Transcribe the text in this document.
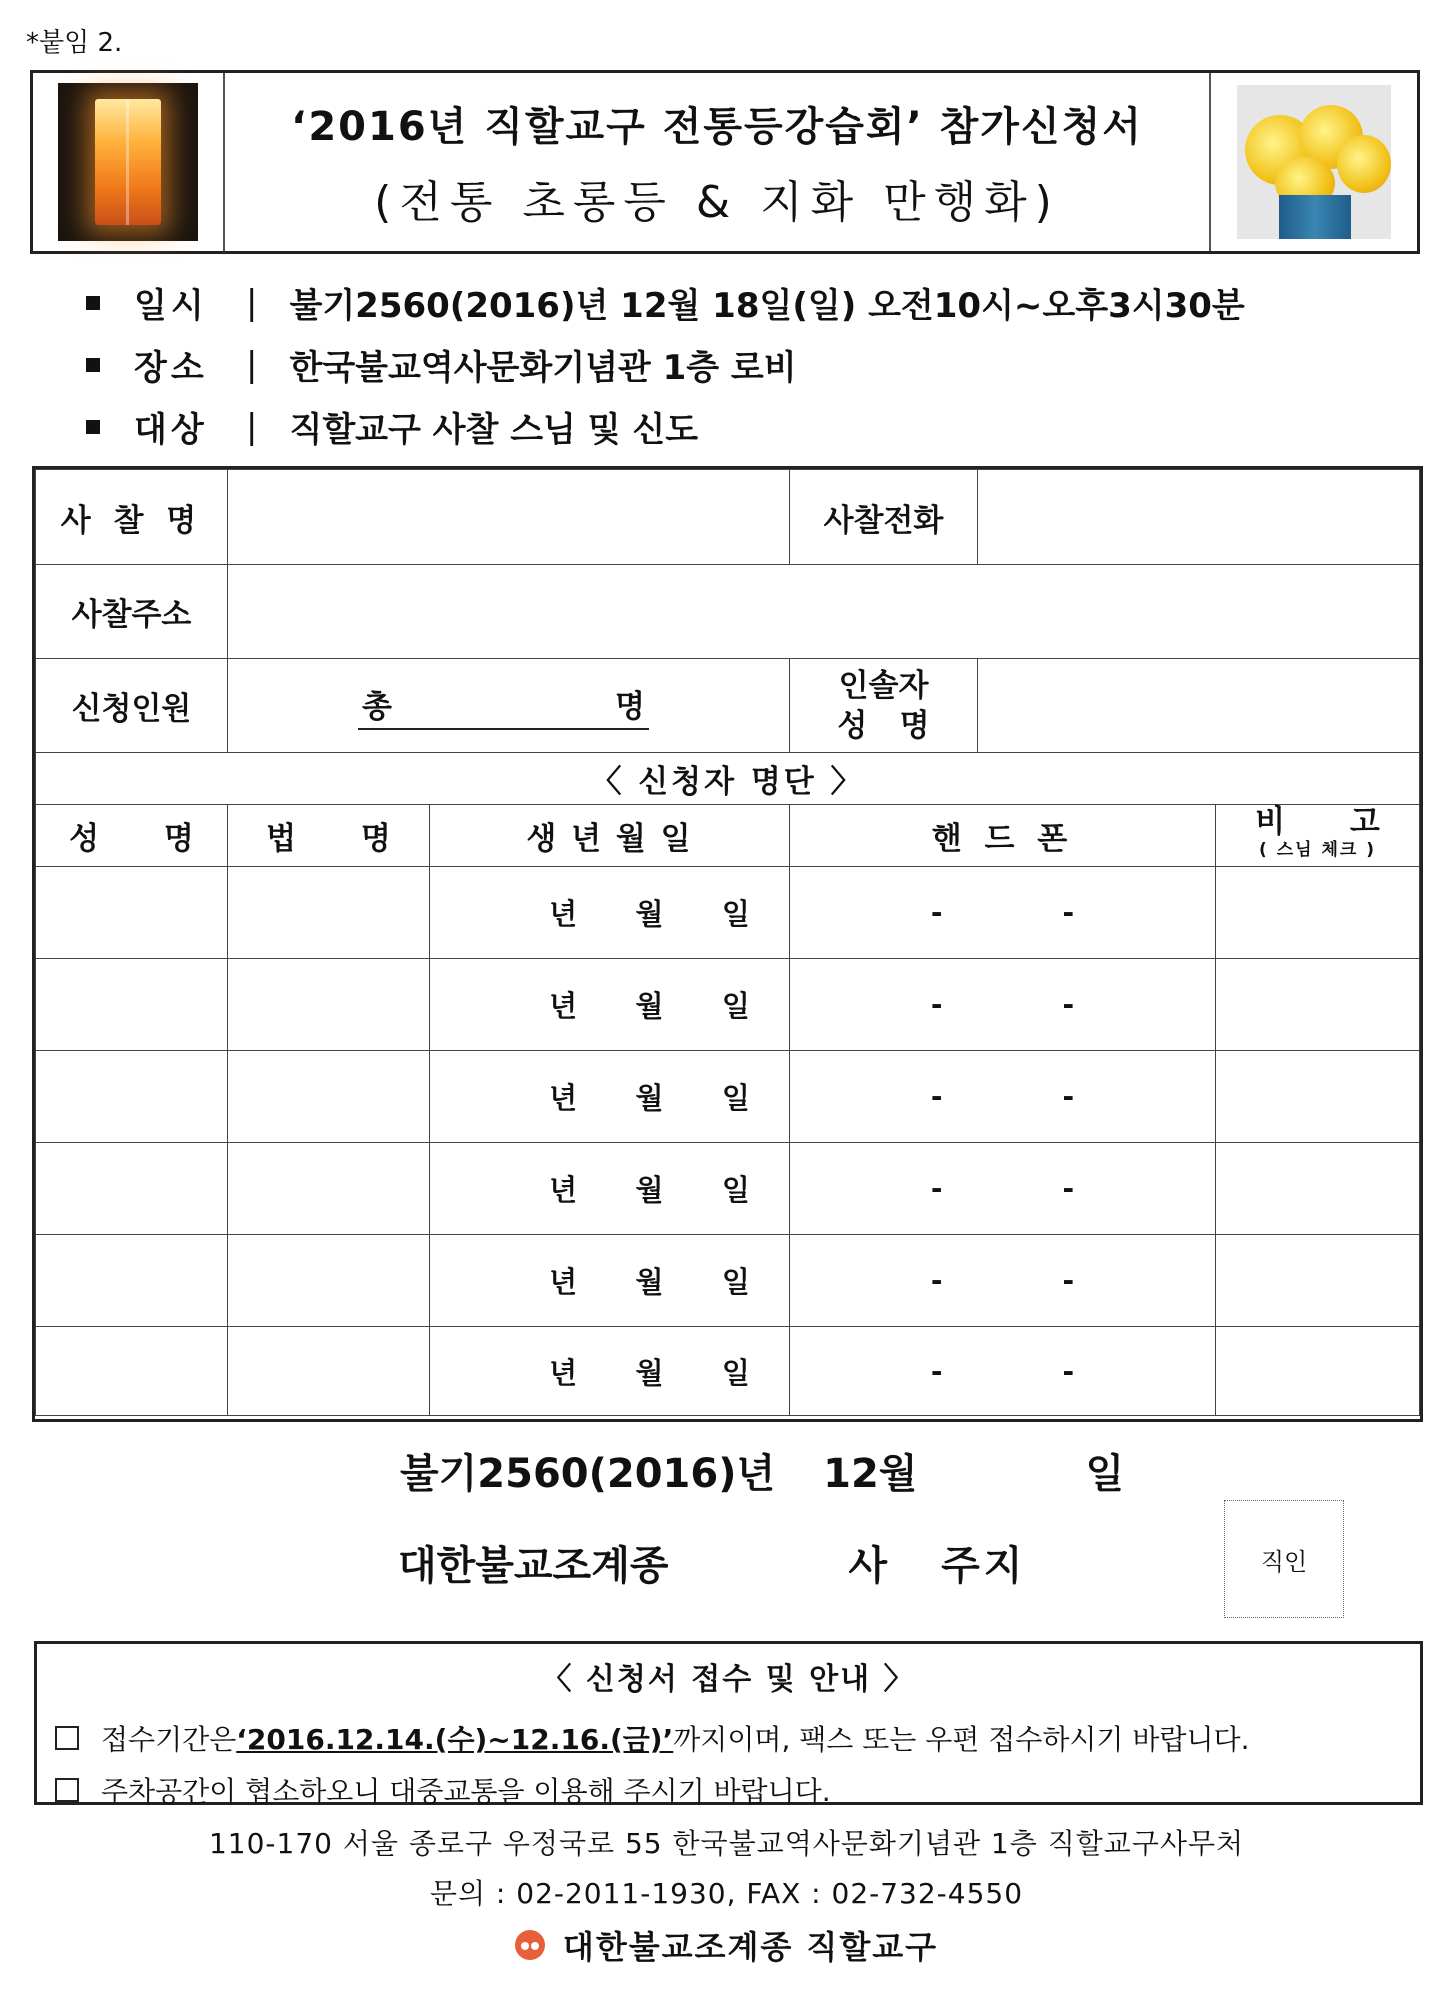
*붙임 2.
‘2016년 직할교구 전통등강습회’ 참가신청서
(전통 초롱등 & 지화 만행화)
일시	| 불기2560(2016)년 12월 18일(일) 오전10시~오후3시30분
장소	| 한국불교역사문화기념관 1층 로비
대상	| 직할교구 사찰 스님 및 신도
사 찰 명			사찰전화		
사찰주소					
신청인원	총 명		인솔자
성   명		
〈 신청자 명단 〉					
성      명	법      명	생 년 월 일	핸 드 폰		비      고
( 스님 체크 )

		년 월 일	- -		

		년 월 일	- -		

		년 월 일	- -		

		년 월 일	- -		

		년 월 일	- -		

		년 월 일	- -		

불기2560(2016)년 12월	일
대한불교조계종	사 주지	직인
〈 신청서 접수 및 안내 〉
접수기간은 ‘2016.12.14.(수)~12.16.(금)’ 까지이며, 팩스 또는 우편 접수하시기 바랍니다.
주차공간이 협소하오니 대중교통을 이용해 주시기 바랍니다.
110-170 서울 종로구 우정국로 55 한국불교역사문화기념관 1층 직할교구사무처
문의 : 02-2011-1930, FAX : 02-732-4550
대한불교조계종 직할교구
